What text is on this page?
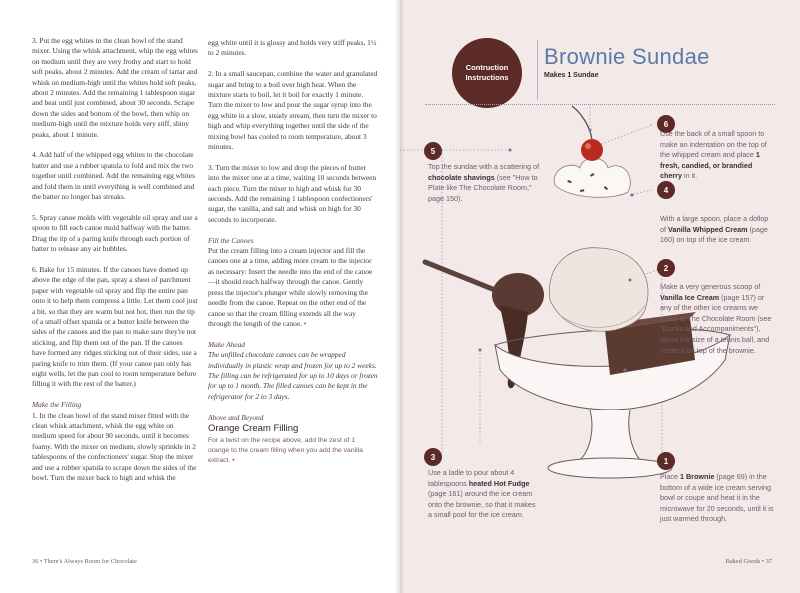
3. Put the egg whites in the clean bowl of the stand mixer. Using the whisk attachment, whip the egg whites on medium until they are very frothy and start to hold soft peaks, about 2 minutes. Add the cream of tartar and whisk on medium-high until the whites hold soft peaks, about 2 minutes. Add the remaining 1 tablespoon sugar and beat until just combined, about 30 seconds. Scrape down the sides and bottom of the bowl, then whip on medium-high until the mixture holds very stiff, shiny peaks, about 1 minute.

4. Add half of the whipped egg whites to the chocolate batter and use a rubber spatula to fold and mix the two together until combined. Add the remaining egg whites and fold them in until everything is well combined and the batter no longer has streaks.

5. Spray canoe molds with vegetable oil spray and use a spoon to fill each canoe mold halfway with the batter. Drag the tip of a paring knife through each portion of batter to release any air bubbles.

6. Bake for 15 minutes. If the canoes have domed up above the edge of the pan, spray a sheet of parchment paper with vegetable oil spray and flip the entire pan onto it to help them compress a little. Let them cool just a bit, so that they are warm but not hot, then run the tip of a small offset spatula or a butter knife between the sides of the canoes and the pan to make sure they're not sticking, and flip them out of the pan. If the canoes have formed any ridges sticking out of their sides, use a paring knife to trim them. (If your canoe pan only has eight wells, let the pan cool to room temperature before filling it with the rest of the batter.)

Make the Filling

1. In the clean bowl of the stand mixer fitted with the clean whisk attachment, whisk the egg white on medium speed for about 90 seconds, until it becomes foamy. With the mixer on medium, slowly sprinkle in 2 tablespoons of the confectioners' sugar. Stop the mixer and use a rubber spatula to scrape down the sides of the bowl. Turn the mixer back to high and whisk the

egg white until it is glossy and holds very stiff peaks, 1½ to 2 minutes.

2. In a small saucepan, combine the water and granulated sugar and bring to a boil over high heat. When the mixture starts to boil, let it boil for exactly 1 minute. Turn the mixer to low and pour the sugar syrup into the egg white in a slow, steady stream, then turn the mixer to high and whip everything together until the side of the mixing bowl has cooled to room temperature, about 3 minutes.

3. Turn the mixer to low and drop the pieces of butter into the mixer one at a time, waiting 10 seconds between each piece. Turn the mixer to high and whisk for 30 seconds. Add the remaining 1 tablespoon confectioners' sugar, the vanilla, and salt and whisk on high for 30 seconds to incorporate.

Fill the Canoes

Put the cream filling into a cream injector and fill the canoes one at a time, adding more cream to the injector as necessary: Insert the needle into the end of the canoe—it should reach halfway through the canoe. Gently press the injector's plunger while slowly removing the needle from the canoe. Repeat on the other end of the canoe so that the cream filling extends all the way through the length of the canoe. •

Make Ahead

The unfilled chocolate canoes can be wrapped individually in plastic wrap and frozen for up to 2 weeks. The filling can be refrigerated for up to 10 days or frozen for up to 1 month. The filled canoes can be kept in the refrigerator for 2 to 3 days.

Above and Beyond

Orange Cream Filling
For a twist on the recipe above, add the zest of 1 orange to the cream filling when you add the vanilla extract. •
36 • There's Always Room for Chocolate
Contruction Instructions
Brownie Sundae
Makes 1 Sundae
5
6
4
2
3	1
Top the sundae with a scattering of chocolate shavings (see "How to Plate like The Chocolate Room," page 150).
Use the back of a small spoon to make an indentation on the top of the whipped cream and place 1 fresh, candied, or brandied cherry in it.
With a large spoon, place a dollop of Vanilla Whipped Cream (page 160) on top of the ice cream.
Make a very generous scoop of Vanilla Ice Cream (page 157) or any of the other ice creams we make at The Chocolate Room (see "Drinks and Accompaniments"), about the size of a tennis ball, and nestle it on top of the brownie.
Use a ladle to pour about 4 tablespoons heated Hot Fudge (page 161) around the ice cream onto the brownie, so that it makes a small pool for the ice cream.
Place 1 Brownie (page 69) in the bottom of a wide ice cream serving bowl or coupe and heat it in the microwave for 20 seconds, until it is just warmed through.
Baked Goods • 37
